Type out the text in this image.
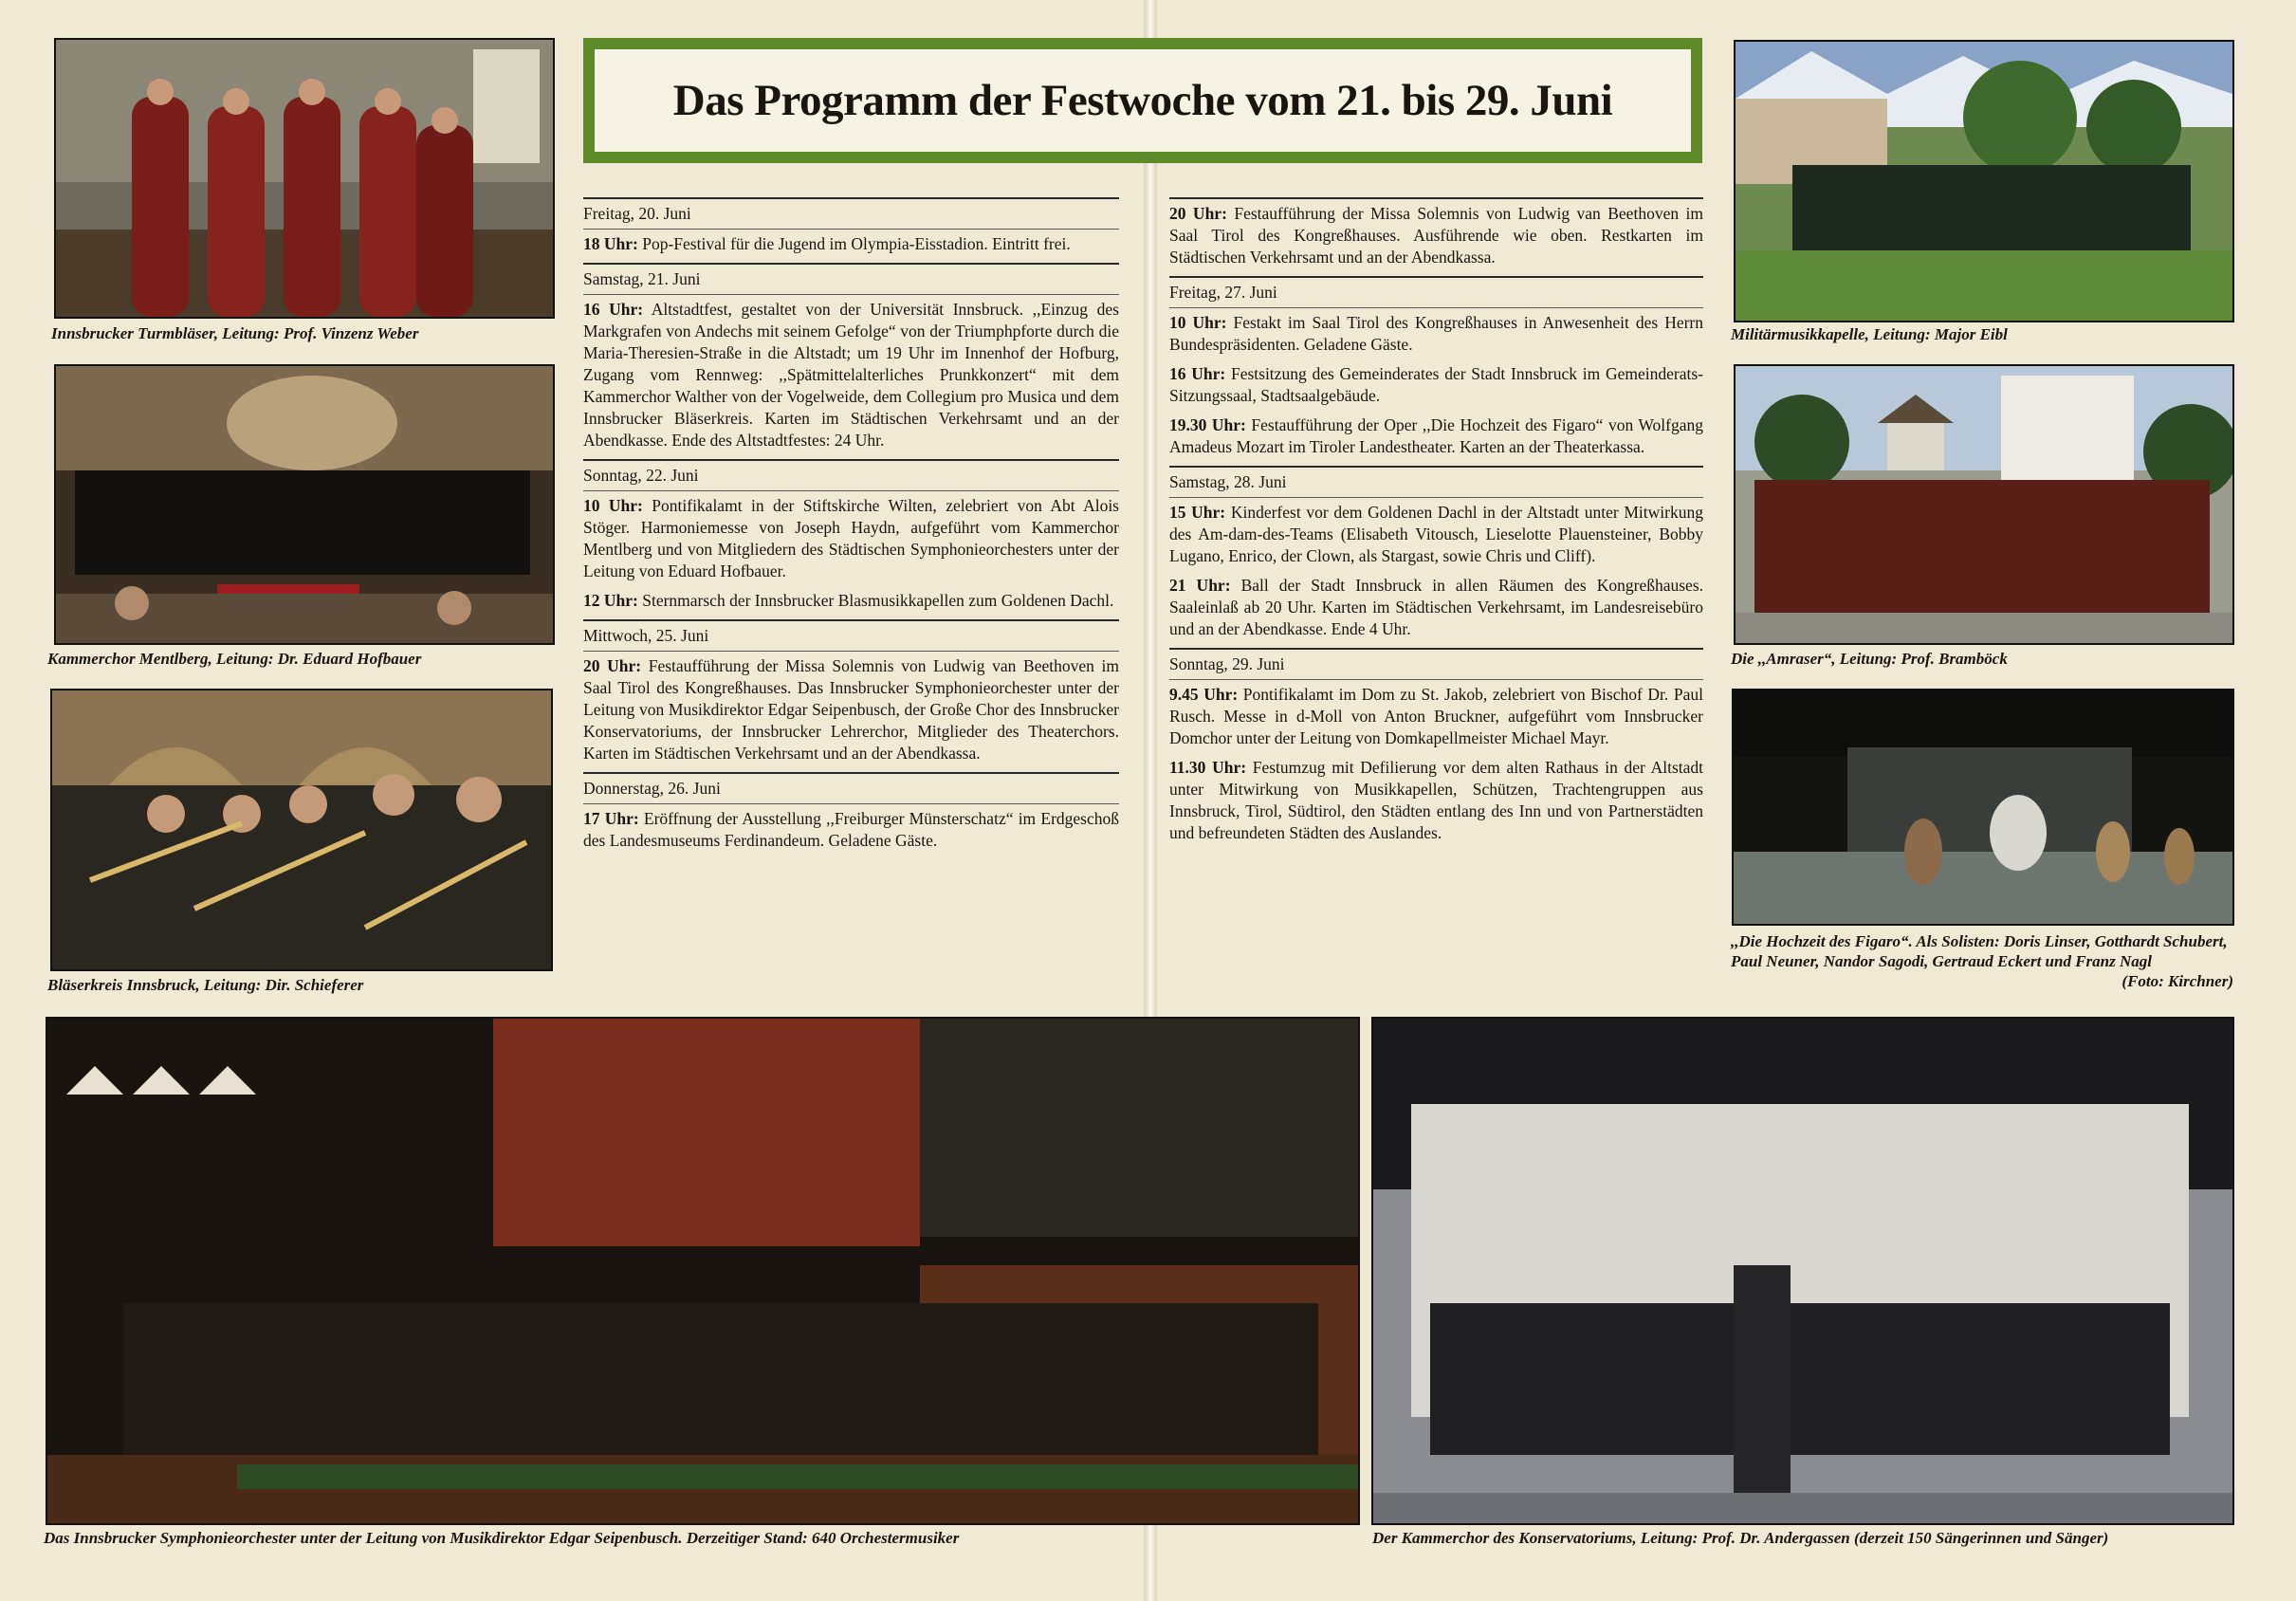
Das Programm der Festwoche vom 21. bis 29. Juni
Innsbrucker Turmbläser, Leitung: Prof. Vinzenz Weber
Kammerchor Mentlberg, Leitung: Dr. Eduard Hofbauer
Bläserkreis Innsbruck, Leitung: Dir. Schieferer
Militärmusikkapelle, Leitung: Major Eibl
Die ,,Amraser“, Leitung: Prof. Bramböck
,,Die Hochzeit des Figaro“. Als Solisten: Doris Linser, Gotthardt Schubert, Paul Neuner, Nandor Sagodi, Gertraud Eckert und Franz Nagl
(Foto: Kirchner)
Das Innsbrucker Symphonieorchester unter der Leitung von Musikdirektor Edgar Seipenbusch. Derzeitiger Stand: 640 Orchestermusiker	Der Kammerchor des Konservatoriums, Leitung: Prof. Dr. Andergassen (derzeit 150 Sängerinnen und Sänger)
Freitag, 20. Juni

18 Uhr: Pop-Festival für die Jugend im Olympia-Eisstadion. Eintritt frei.

Samstag, 21. Juni

16 Uhr: Altstadtfest, gestaltet von der Universität Innsbruck. ,,Einzug des Markgrafen von Andechs mit seinem Gefolge“ von der Triumphpforte durch die Maria-Theresien-Straße in die Altstadt; um 19 Uhr im Innenhof der Hofburg, Zugang vom Rennweg: ,,Spätmittelalterliches Prunkkonzert“ mit dem Kammerchor Walther von der Vogelweide, dem Collegium pro Musica und dem Innsbrucker Bläserkreis. Karten im Städtischen Verkehrsamt und an der Abendkasse. Ende des Altstadtfestes: 24 Uhr.

Sonntag, 22. Juni

10 Uhr: Pontifikalamt in der Stiftskirche Wilten, zelebriert von Abt Alois Stöger. Harmoniemesse von Joseph Haydn, aufgeführt vom Kammerchor Mentlberg und von Mitgliedern des Städtischen Symphonieorchesters unter der Leitung von Eduard Hofbauer.

12 Uhr: Sternmarsch der Innsbrucker Blasmusikkapellen zum Goldenen Dachl.

Mittwoch, 25. Juni

20 Uhr: Festaufführung der Missa Solemnis von Ludwig van Beethoven im Saal Tirol des Kongreßhauses. Das Innsbrucker Symphonieorchester unter der Leitung von Musikdirektor Edgar Seipenbusch, der Große Chor des Innsbrucker Konservatoriums, der Innsbrucker Lehrerchor, Mitglieder des Theaterchors. Karten im Städtischen Verkehrsamt und an der Abendkassa.

Donnerstag, 26. Juni

17 Uhr: Eröffnung der Ausstellung ,,Freiburger Münsterschatz“ im Erdgeschoß des Landesmuseums Ferdinandeum. Geladene Gäste.

20 Uhr: Festaufführung der Missa Solemnis von Ludwig van Beethoven im Saal Tirol des Kongreßhauses. Ausführende wie oben. Restkarten im Städtischen Verkehrsamt und an der Abendkassa.

Freitag, 27. Juni

10 Uhr: Festakt im Saal Tirol des Kongreßhauses in Anwesenheit des Herrn Bundespräsidenten. Geladene Gäste.

16 Uhr: Festsitzung des Gemeinderates der Stadt Innsbruck im Gemeinderats-Sitzungssaal, Stadtsaalgebäude.

19.30 Uhr: Festaufführung der Oper ,,Die Hochzeit des Figaro“ von Wolfgang Amadeus Mozart im Tiroler Landestheater. Karten an der Theaterkassa.

Samstag, 28. Juni

15 Uhr: Kinderfest vor dem Goldenen Dachl in der Altstadt unter Mitwirkung des Am-dam-des-Teams (Elisabeth Vitousch, Lieselotte Plauensteiner, Bobby Lugano, Enrico, der Clown, als Stargast, sowie Chris und Cliff).

21 Uhr: Ball der Stadt Innsbruck in allen Räumen des Kongreßhauses. Saaleinlaß ab 20 Uhr. Karten im Städtischen Verkehrsamt, im Landesreisebüro und an der Abendkasse. Ende 4 Uhr.

Sonntag, 29. Juni

9.45 Uhr: Pontifikalamt im Dom zu St. Jakob, zelebriert von Bischof Dr. Paul Rusch. Messe in d-Moll von Anton Bruckner, aufgeführt vom Innsbrucker Domchor unter der Leitung von Domkapellmeister Michael Mayr.

11.30 Uhr: Festumzug mit Defilierung vor dem alten Rathaus in der Altstadt unter Mitwirkung von Musikkapellen, Schützen, Trachtengruppen aus Innsbruck, Tirol, Südtirol, den Städten entlang des Inn und von Partnerstädten und befreundeten Städten des Auslandes.
